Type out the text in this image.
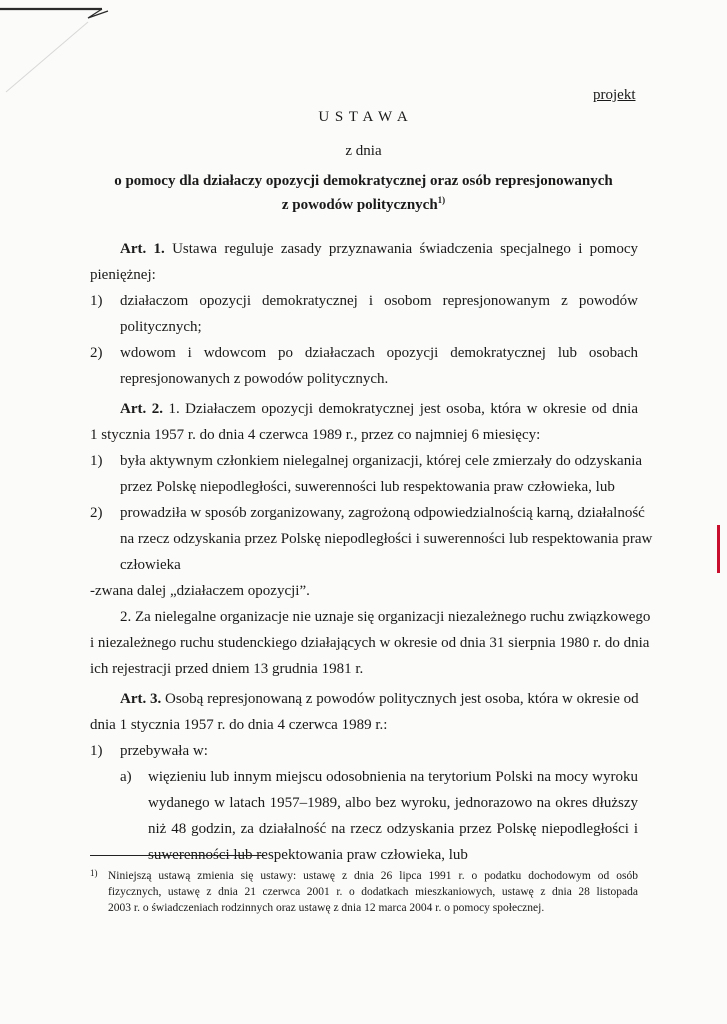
projekt
U S T A W A
z dnia
o pomocy dla działaczy opozycji demokratycznej oraz osób represjonowanych
z powodów politycznych$^{1)}$
Art. 1. Ustawa reguluje zasady przyznawania świadczenia specjalnego i pomocy
pieniężnej:
1) działaczom opozycji demokratycznej i osobom represjonowanym z powodów
politycznych;
2) wdowom i wdowcom po działaczach opozycji demokratycznej lub osobach
represjonowanych z powodów politycznych.
Art. 2. 1. Działaczem opozycji demokratycznej jest osoba, która w okresie od dnia
1 stycznia 1957 r. do dnia 4 czerwca 1989 r., przez co najmniej 6 miesięcy:
1) była aktywnym członkiem nielegalnej organizacji, której cele zmierzały do odzyskania
przez Polskę niepodległości, suwerenności lub respektowania praw człowieka, lub
2) prowadziła w sposób zorganizowany, zagrożoną odpowiedzialnością karną, działalność
na rzecz odzyskania przez Polskę niepodległości i suwerenności lub respektowania praw
człowieka
-zwana dalej „działaczem opozycji”.
2. Za nielegalne organizacje nie uznaje się organizacji niezależnego ruchu związkowego
i niezależnego ruchu studenckiego działających w okresie od dnia 31 sierpnia 1980 r. do dnia
ich rejestracji przed dniem 13 grudnia 1981 r.
Art. 3. Osobą represjonowaną z powodów politycznych jest osoba, która w okresie od
dnia 1 stycznia 1957 r. do dnia 4 czerwca 1989 r.:
1) przebywała w:
a) więzieniu lub innym miejscu odosobnienia na terytorium Polski na mocy wyroku
wydanego w latach 1957–1989, albo bez wyroku, jednorazowo na okres dłuższy
niż 48 godzin, za działalność na rzecz odzyskania przez Polskę niepodległości i
suwerenności lub respektowania praw człowieka, lub
1) Niniejszą ustawą zmienia się ustawy: ustawę z dnia 26 lipca 1991 r. o podatku dochodowym od osób
fizycznych, ustawę z dnia 21 czerwca 2001 r. o dodatkach mieszkaniowych, ustawę z dnia 28 listopada
2003 r. o świadczeniach rodzinnych oraz ustawę z dnia 12 marca 2004 r. o pomocy społecznej.
